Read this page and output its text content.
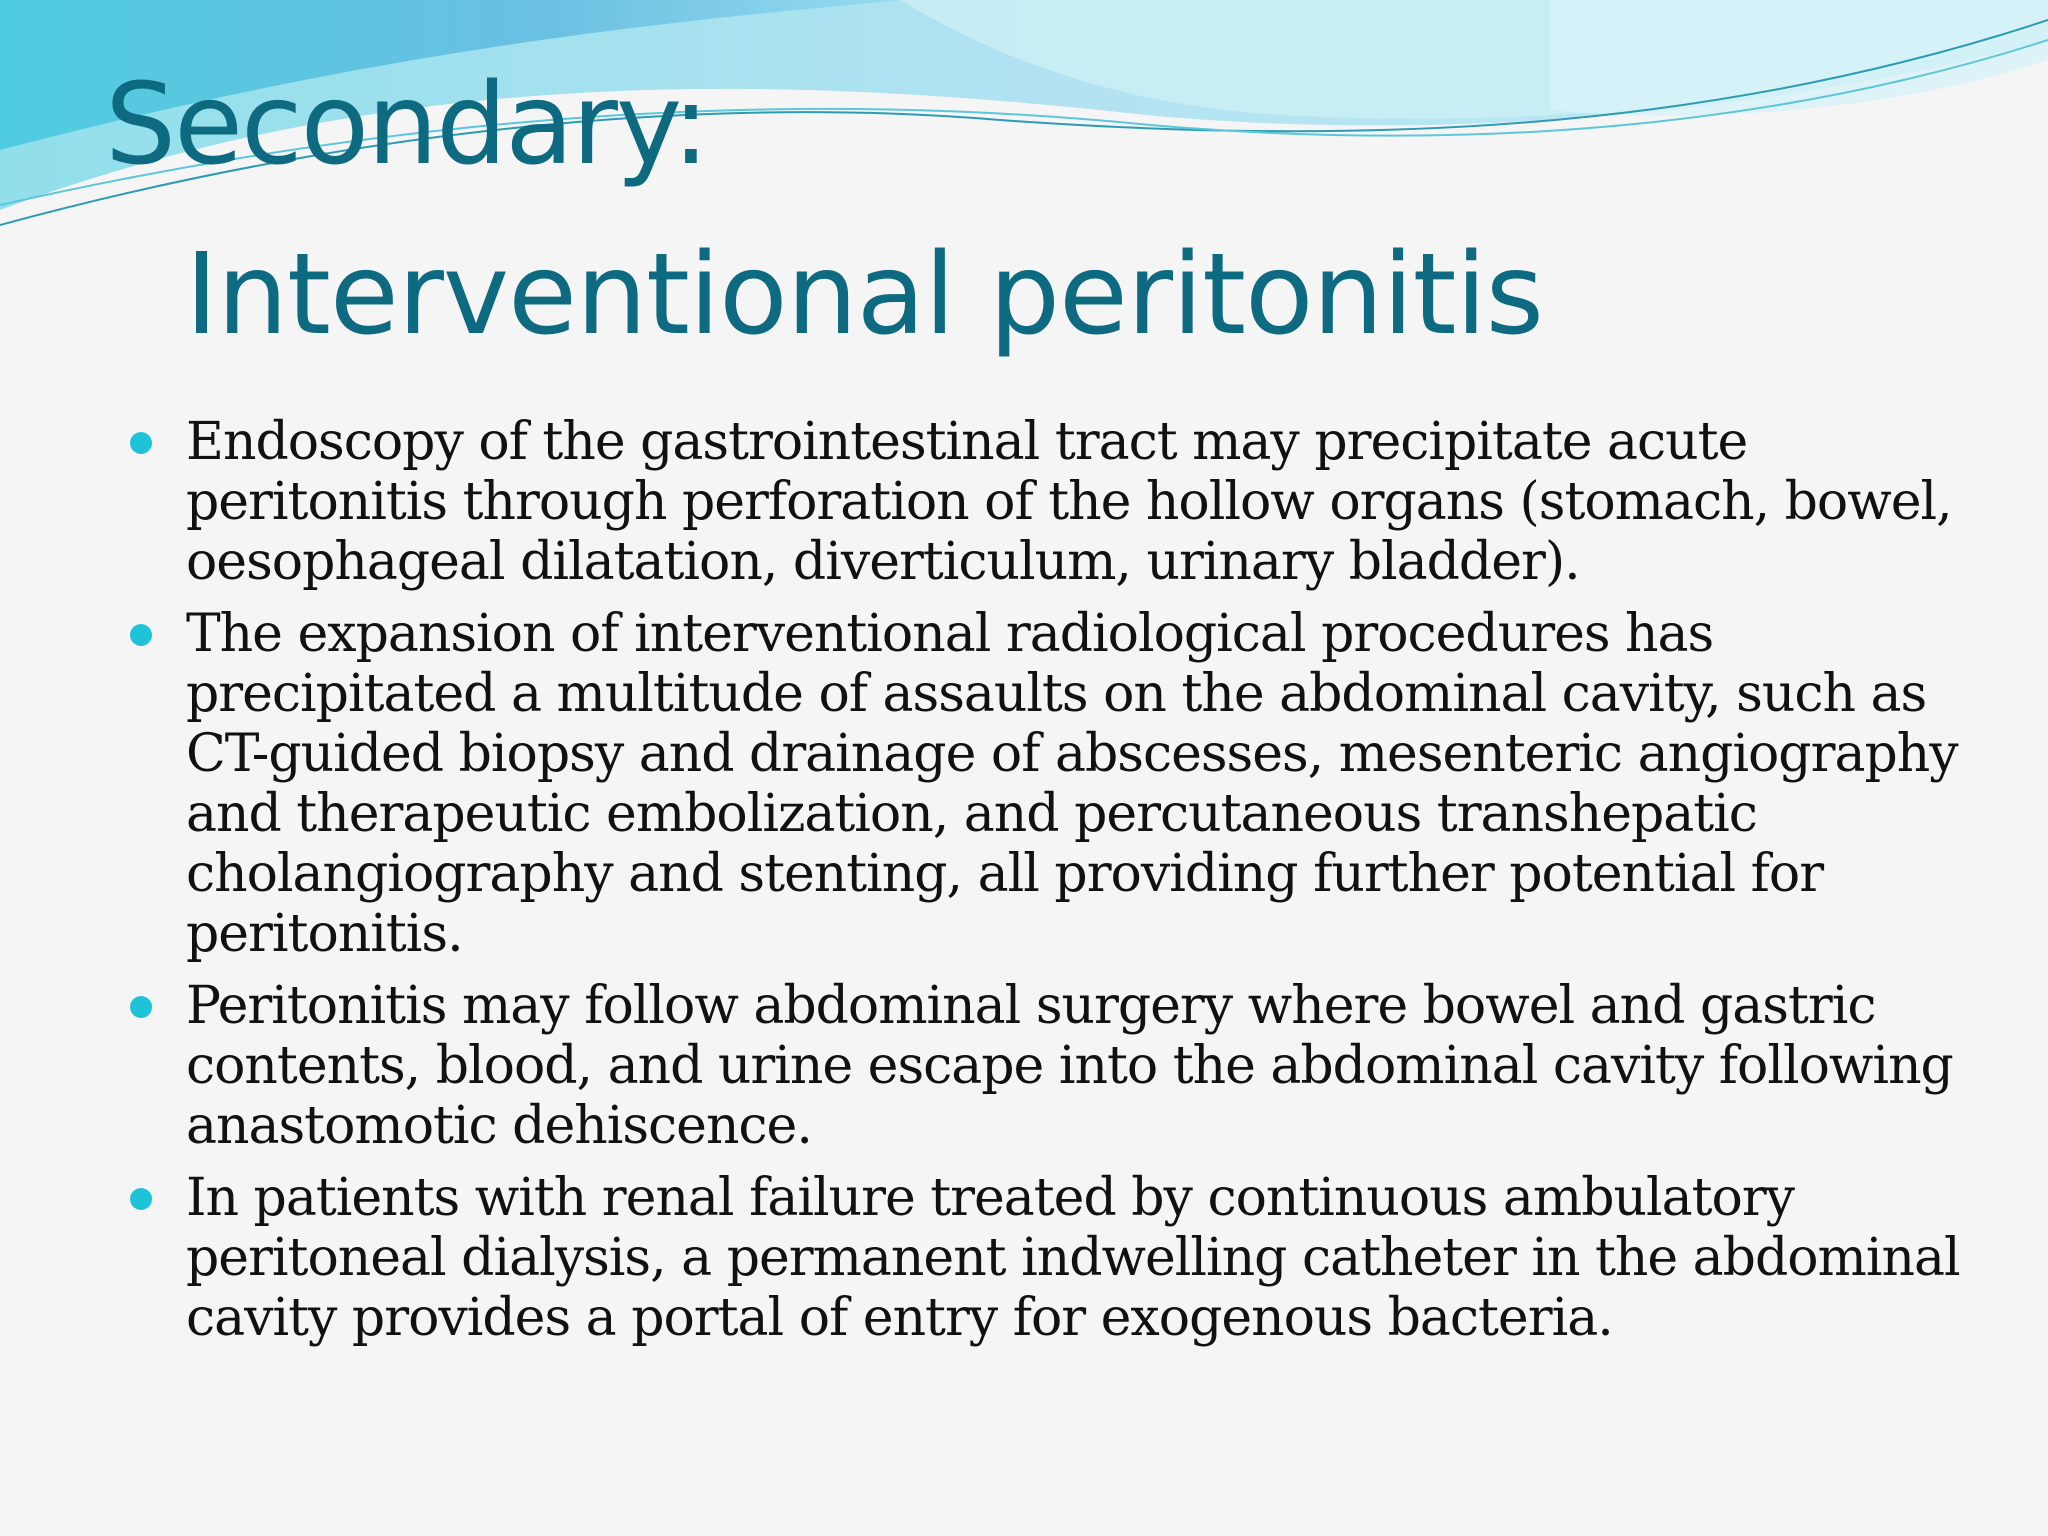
Secondary:
Interventional peritonitis
Endoscopy of the gastrointestinal tract may precipitate acute peritonitis through perforation of the hollow organs (stomach, bowel, oesophageal dilatation, diverticulum, urinary bladder).
The expansion of interventional radiological procedures has precipitated a multitude of assaults on the abdominal cavity, such as CT-guided biopsy and drainage of abscesses, mesenteric angiography and therapeutic embolization, and percutaneous transhepatic cholangiography and stenting, all providing further potential for peritonitis.
Peritonitis may follow abdominal surgery where bowel and gastric contents, blood, and urine escape into the abdominal cavity following anastomotic dehiscence.
In patients with renal failure treated by continuous ambulatory peritoneal dialysis, a permanent indwelling catheter in the abdominal cavity provides a portal of entry for exogenous bacteria.
